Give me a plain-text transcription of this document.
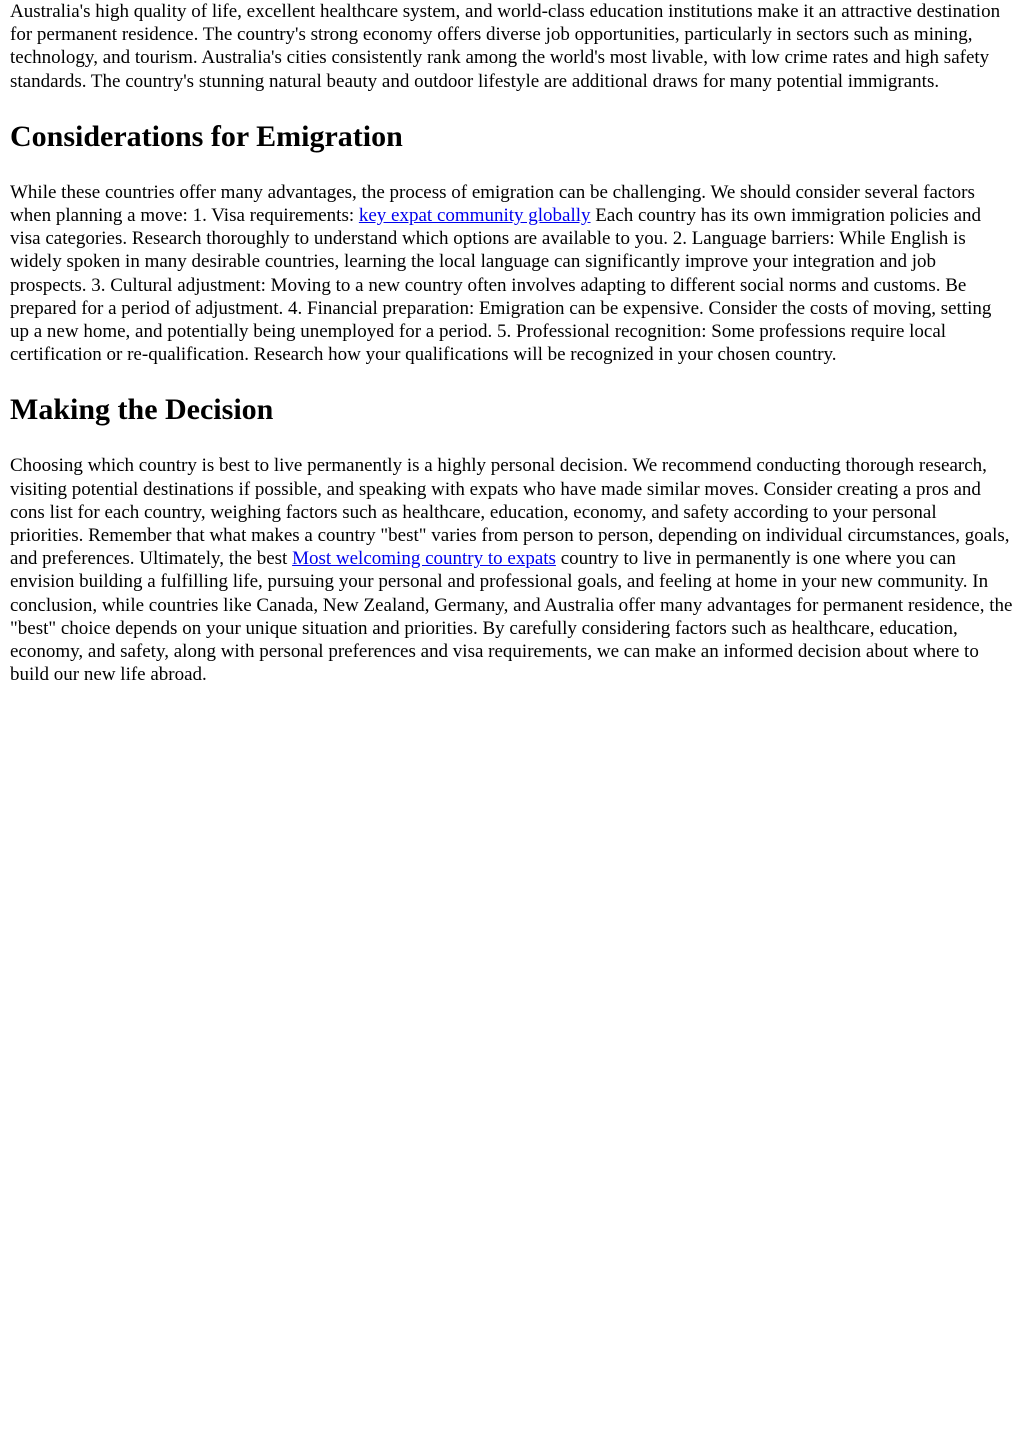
Australia's high quality of life, excellent healthcare system, and world-class education institutions make it an attractive destination for permanent residence. The country's strong economy offers diverse job opportunities, particularly in sectors such as mining, technology, and tourism. Australia's cities consistently rank among the world's most livable, with low crime rates and high safety standards. The country's stunning natural beauty and outdoor lifestyle are additional draws for many potential immigrants.

Considerations for Emigration

While these countries offer many advantages, the process of emigration can be challenging. We should consider several factors when planning a move: 1. Visa requirements: key expat community globally Each country has its own immigration policies and visa categories. Research thoroughly to understand which options are available to you. 2. Language barriers: While English is widely spoken in many desirable countries, learning the local language can significantly improve your integration and job prospects. 3. Cultural adjustment: Moving to a new country often involves adapting to different social norms and customs. Be prepared for a period of adjustment. 4. Financial preparation: Emigration can be expensive. Consider the costs of moving, setting up a new home, and potentially being unemployed for a period. 5. Professional recognition: Some professions require local certification or re-qualification. Research how your qualifications will be recognized in your chosen country.

Making the Decision

Choosing which country is best to live permanently is a highly personal decision. We recommend conducting thorough research, visiting potential destinations if possible, and speaking with expats who have made similar moves. Consider creating a pros and cons list for each country, weighing factors such as healthcare, education, economy, and safety according to your personal priorities. Remember that what makes a country "best" varies from person to person, depending on individual circumstances, goals, and preferences. Ultimately, the best Most welcoming country to expats country to live in permanently is one where you can envision building a fulfilling life, pursuing your personal and professional goals, and feeling at home in your new community. In conclusion, while countries like Canada, New Zealand, Germany, and Australia offer many advantages for permanent residence, the "best" choice depends on your unique situation and priorities. By carefully considering factors such as healthcare, education, economy, and safety, along with personal preferences and visa requirements, we can make an informed decision about where to build our new life abroad.
